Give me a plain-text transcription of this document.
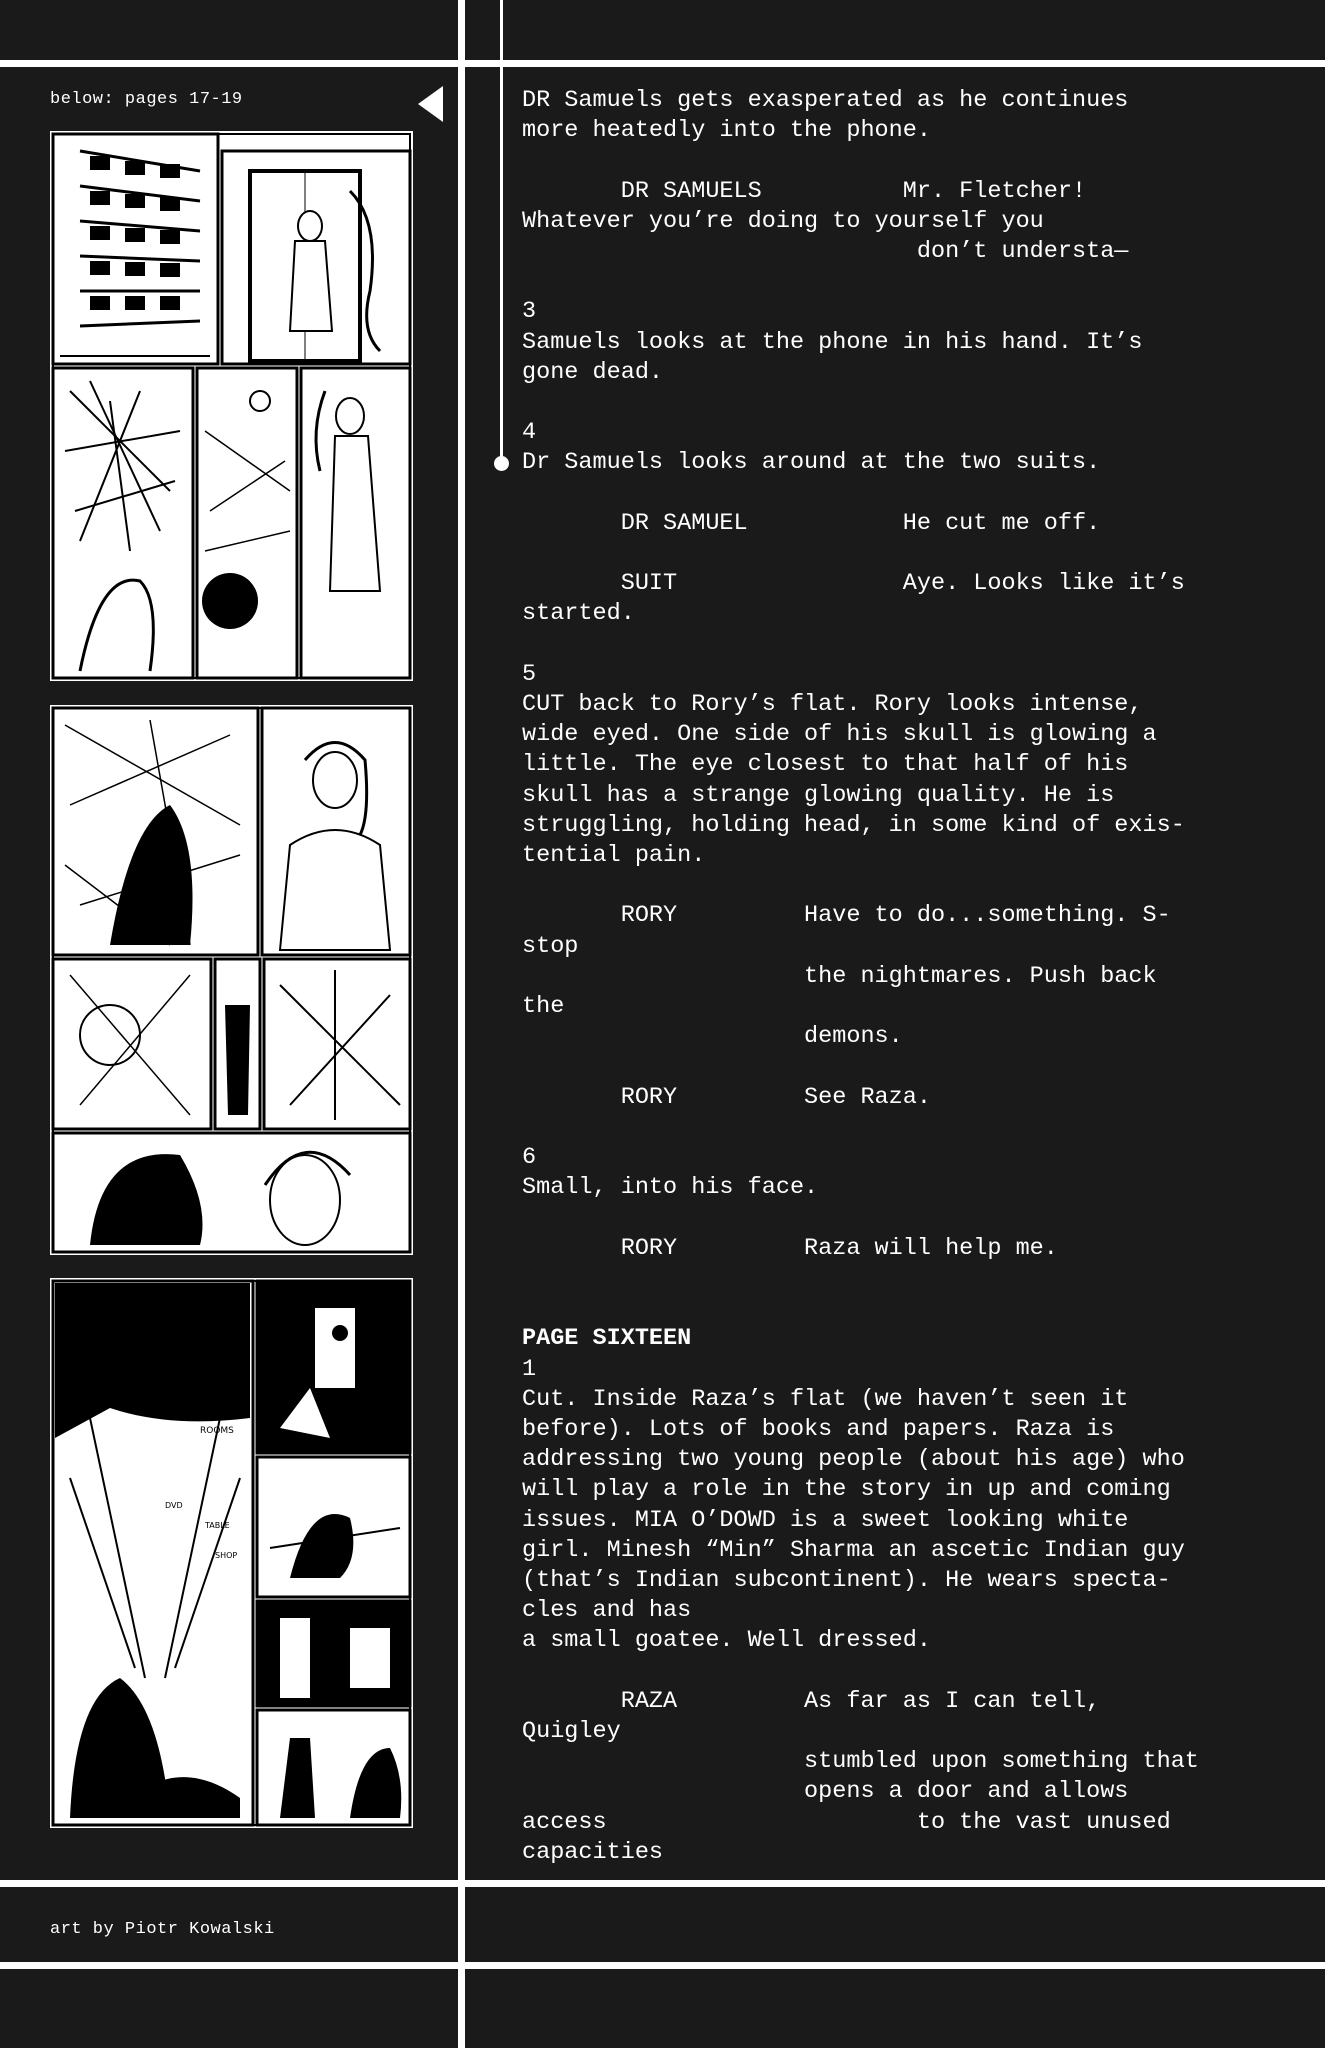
below: pages 17-19
ROOMS
TABLE
SHOP
DVD
art by Piotr Kowalski
DR Samuels gets exasperated as he continues
more heatedly into the phone.

DR SAMUELS          Mr. Fletcher!
Whatever you’re doing to yourself you
don’t understa—

3
Samuels looks at the phone in his hand. It’s
gone dead.

4
Dr Samuels looks around at the two suits.

DR SAMUEL           He cut me off.

SUIT                Aye. Looks like it’s
started.

5
CUT back to Rory’s flat. Rory looks intense,
wide eyed. One side of his skull is glowing a
little. The eye closest to that half of his
skull has a strange glowing quality. He is
struggling, holding head, in some kind of exis-
tential pain.

RORY         Have to do...something. S-
stop
the nightmares. Push back
the
demons.

RORY         See Raza.

6
Small, into his face.

RORY         Raza will help me.

PAGE SIXTEEN
1
Cut. Inside Raza’s flat (we haven’t seen it
before). Lots of books and papers. Raza is
addressing two young people (about his age) who
will play a role in the story in up and coming
issues. MIA O’DOWD is a sweet looking white
girl. Minesh “Min” Sharma an ascetic Indian guy
(that’s Indian subcontinent). He wears specta-
cles and has
a small goatee. Well dressed.

RAZA         As far as I can tell,
Quigley
stumbled upon something that
opens a door and allows
access                      to the vast unused
capacities
